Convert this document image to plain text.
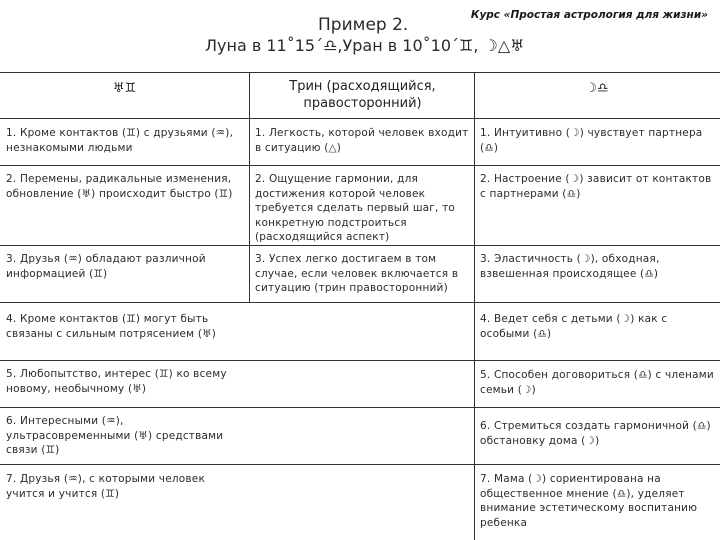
Курс «Простая астрология для жизни»
Пример 2.
Луна в 11˚15΄♎,Уран в 10˚10΄♊, ☽△♅
♅♊	Трин (расходящийся, правосторонний)
☽♎
1. Кроме контактов (♊) с друзьями (♒), незнакомыми людьми
1. Легкость, которой человек входит в ситуацию (△)
1. Интуитивно (☽) чувствует партнера (♎)
2. Перемены, радикальные изменения, обновление (♅) происходит быстро (♊)
2. Ощущение гармонии, для достижения которой человек требуется сделать первый шаг, то конкретную подстроиться (расходящийся аспект)
2. Настроение (☽) зависит от контактов с партнерами (♎)
3. Друзья (♒) обладают различной информацией (♊)
3. Успех легко достигаем в том случае, если человек включается в ситуацию (трин правосторонний)
3. Эластичность (☽), обходная, взвешенная происходящее (♎)
4. Кроме контактов (♊) могут быть связаны с сильным потрясением (♅)
4. Ведет себя с детьми (☽) как с особыми (♎)
5. Любопытство, интерес (♊) ко всему новому, необычному (♅)
5. Способен договориться (♎) с членами семьи (☽)
6. Интересными (♒), ультрасовременными (♅) средствами связи (♊)
6. Стремиться создать гармоничной (♎) обстановку дома (☽)
7. Друзья (♒), с которыми человек учится и учится (♊)
7. Мама (☽) сориентирована на общественное мнение (♎), уделяет внимание эстетическому воспитанию ребенка
